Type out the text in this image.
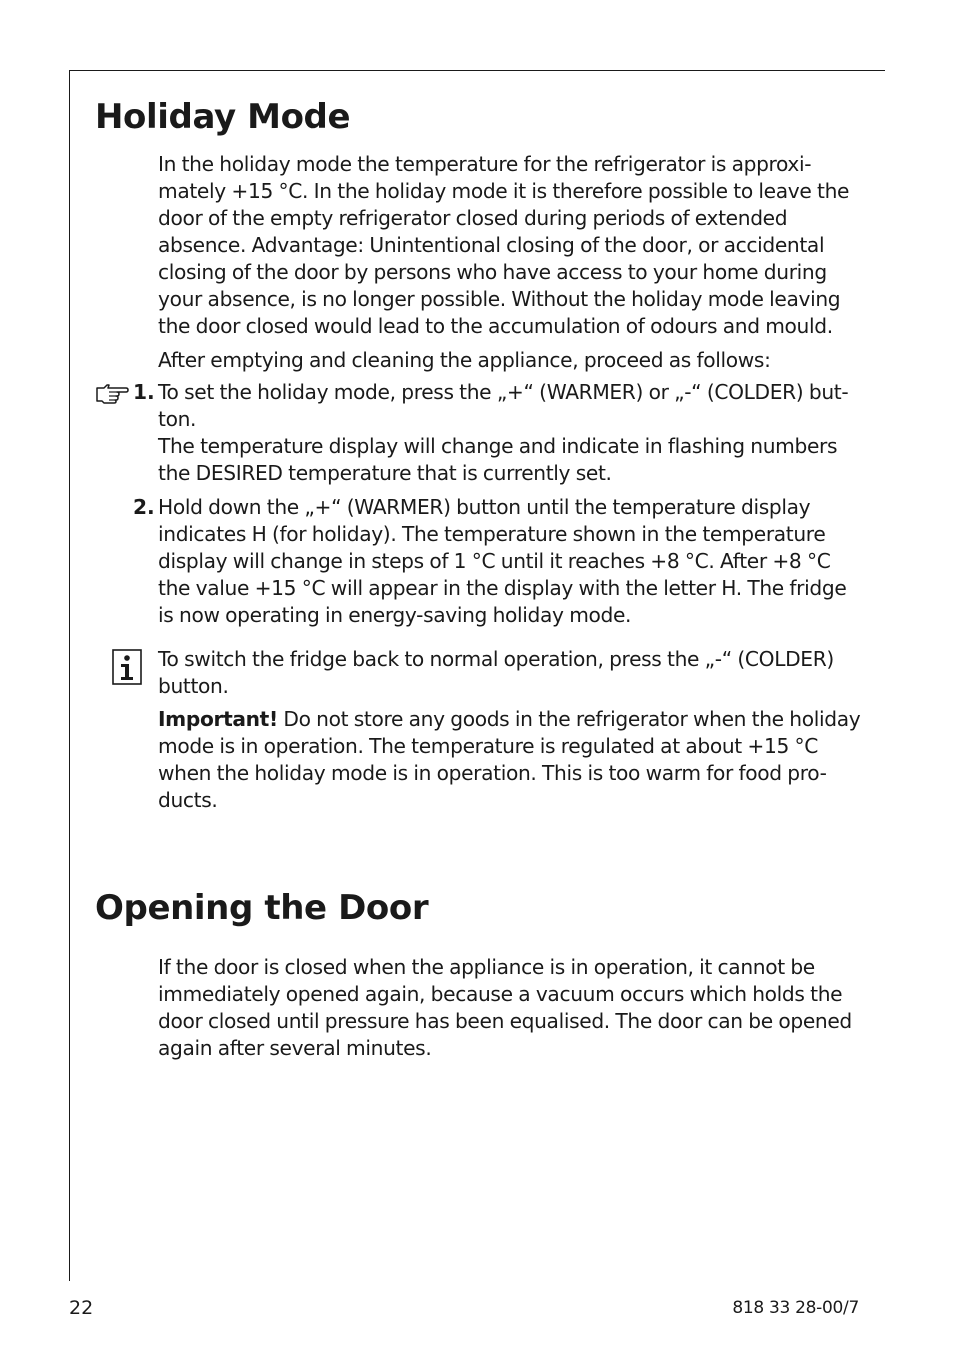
Holiday Mode

In the holiday mode the temperature for the refrigerator is approxi-mately +15 °C. In the holiday mode it is therefore possible to leave the door of the empty refrigerator closed during periods of extended absence. Advantage: Unintentional closing of the door, or accidental closing of the door by persons who have access to your home during your absence, is no longer possible. Without the holiday mode leaving the door closed would lead to the accumulation of odours and mould.

After emptying and cleaning the appliance, proceed as follows:

1. To set the holiday mode, press the „+“ (WARMER) or „-“ (COLDER) but-ton.

The temperature display will change and indicate in flashing numbers the DESIRED temperature that is currently set.

2. Hold down the „+“ (WARMER) button until the temperature display indicates H (for holiday). The temperature shown in the temperature display will change in steps of 1 °C until it reaches +8 °C. After +8 °C the value +15 °C will appear in the display with the letter H. The fridge is now operating in energy-saving holiday mode.

To switch the fridge back to normal operation, press the „-“ (COLDER) button.

Important! Do not store any goods in the refrigerator when the holiday mode is in operation. The temperature is regulated at about +15 °C when the holiday mode is in operation. This is too warm for food pro-ducts.

Opening the Door

If the door is closed when the appliance is in operation, it cannot be immediately opened again, because a vacuum occurs which holds the door closed until pressure has been equalised. The door can be opened again after several minutes.

22	818 33 28-00/7
